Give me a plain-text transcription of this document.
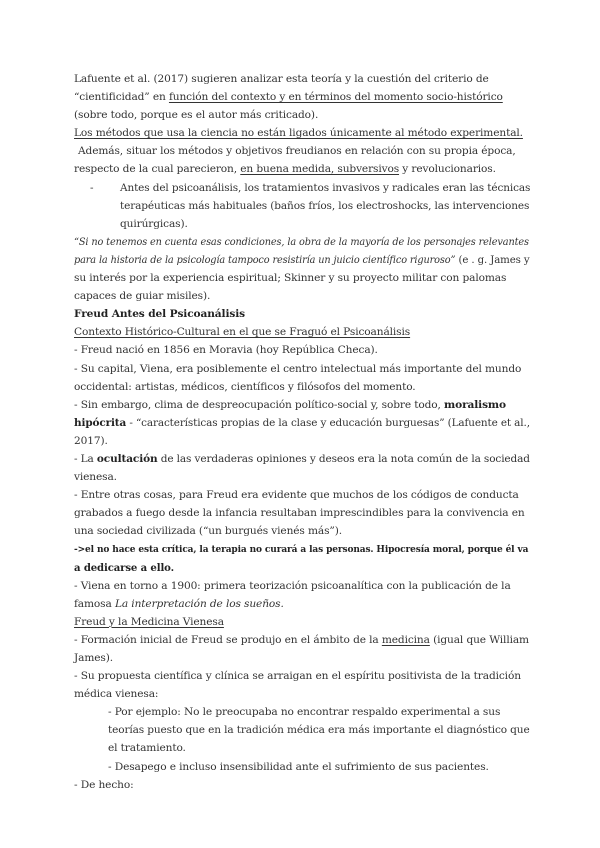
Lafuente et al. (2017) sugieren analizar esta teoría y la cuestión del criterio de
“cientificidad” en función del contexto y en términos del momento socio-histórico
(sobre todo, porque es el autor más criticado).
Los métodos que usa la ciencia no están ligados únicamente al método experimental.
Además, situar los métodos y objetivos freudianos en relación con su propia época,
respecto de la cual parecieron, en buena medida, subversivos y revolucionarios.
-	Antes del psicoanálisis, los tratamientos invasivos y radicales eran las técnicas
terapéuticas más habituales (baños fríos, los electroshocks, las intervenciones
quirúrgicas).
“Si no tenemos en cuenta esas condiciones, la obra de la mayoría de los personajes relevantes
para la historia de la psicología tampoco resistiría un juicio científico riguroso” (e . g. James y
su interés por la experiencia espiritual; Skinner y su proyecto militar con palomas
capaces de guiar misiles).
Freud Antes del Psicoanálisis
Contexto Histórico-Cultural en el que se Fraguó el Psicoanálisis
- Freud nació en 1856 en Moravia (hoy República Checa).
- Su capital, Viena, era posiblemente el centro intelectual más importante del mundo
occidental: artistas, médicos, científicos y filósofos del momento.
- Sin embargo, clima de despreocupación político-social y, sobre todo, moralismo
hipócrita - “características propias de la clase y educación burguesas” (Lafuente et al.,
2017).
- La ocultación de las verdaderas opiniones y deseos era la nota común de la sociedad
vienesa.
- Entre otras cosas, para Freud era evidente que muchos de los códigos de conducta
grabados a fuego desde la infancia resultaban imprescindibles para la convivencia en
una sociedad civilizada (“un burgués vienés más”).
->el no hace esta crítica, la terapia no curará a las personas. Hipocresía moral, porque él va
a dedicarse a ello.
- Viena en torno a 1900: primera teorización psicoanalítica con la publicación de la
famosa La interpretación de los sueños.
Freud y la Medicina Vienesa
- Formación inicial de Freud se produjo en el ámbito de la medicina (igual que William
James).
- Su propuesta científica y clínica se arraigan en el espíritu positivista de la tradición
médica vienesa:
- Por ejemplo: No le preocupaba no encontrar respaldo experimental a sus
teorías puesto que en la tradición médica era más importante el diagnóstico que
el tratamiento.
- Desapego e incluso insensibilidad ante el sufrimiento de sus pacientes.
- De hecho:
